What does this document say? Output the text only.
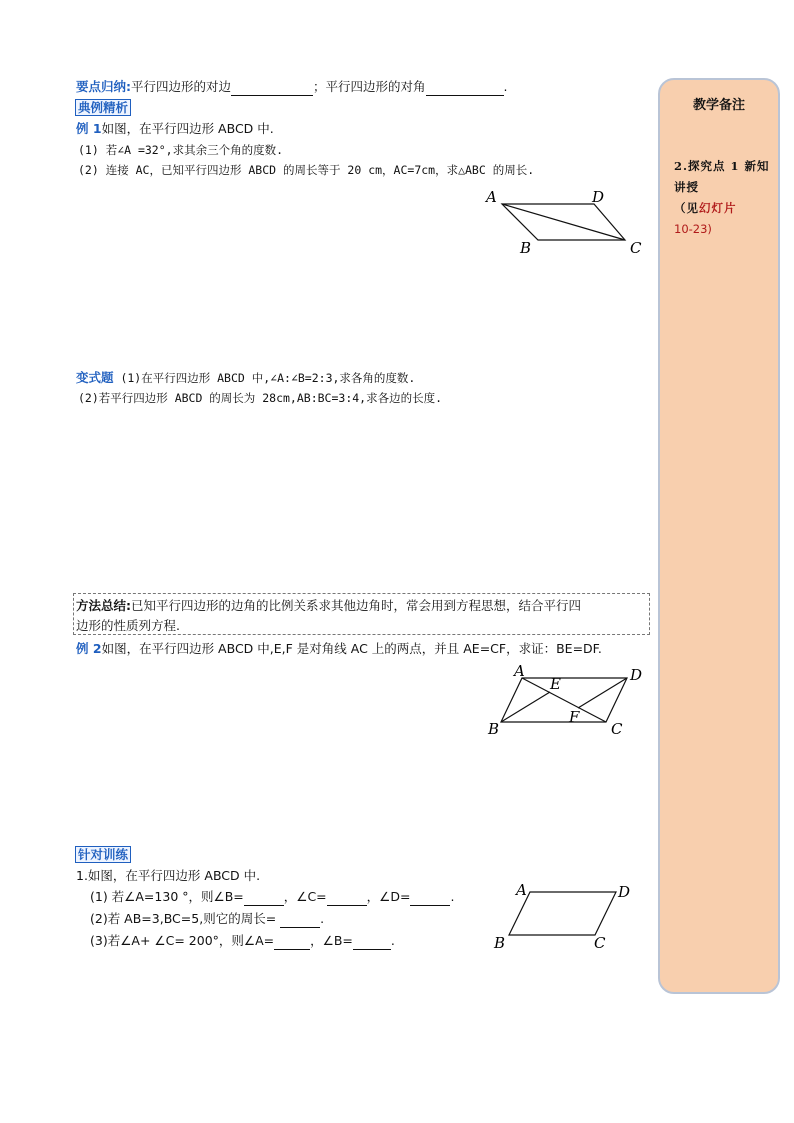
要点归纳:平行四边形的对边	；平行四边形的对角	.
典例精析
例 1如图，在平行四边形 ABCD 中.
(1) 若∠A =32°,求其余三个角的度数.
(2) 连接 AC，已知平行四边形 ABCD 的周长等于 20 cm，AC=7cm，求△ABC 的周长.
A	D
B	C
变式题 (1)在平行四边形 ABCD 中,∠A:∠B=2:3,求各角的度数.
(2)若平行四边形 ABCD 的周长为 28cm,AB:BC=3:4,求各边的长度.
方法总结:已知平行四边形的边角的比例关系求其他边角时，常会用到方程思想，结合平行四
边形的性质列方程.
例 2如图，在平行四边形 ABCD 中,E,F 是对角线 AC 上的两点，并且 AE=CF，求证：BE=DF.
A	D
B	C
E
F
针对训练
1.如图，在平行四边形 ABCD 中.
(1) 若∠A=130 °，则∠B=	，∠C=	，∠D=	.
(2)若 AB=3,BC=5,则它的周长=	.
(3)若∠A+ ∠C= 200°，则∠A=	，∠B=	.
A	D
B	C
教学备注
2.探究点 1 新知讲授
（见幻灯片
10-23)
